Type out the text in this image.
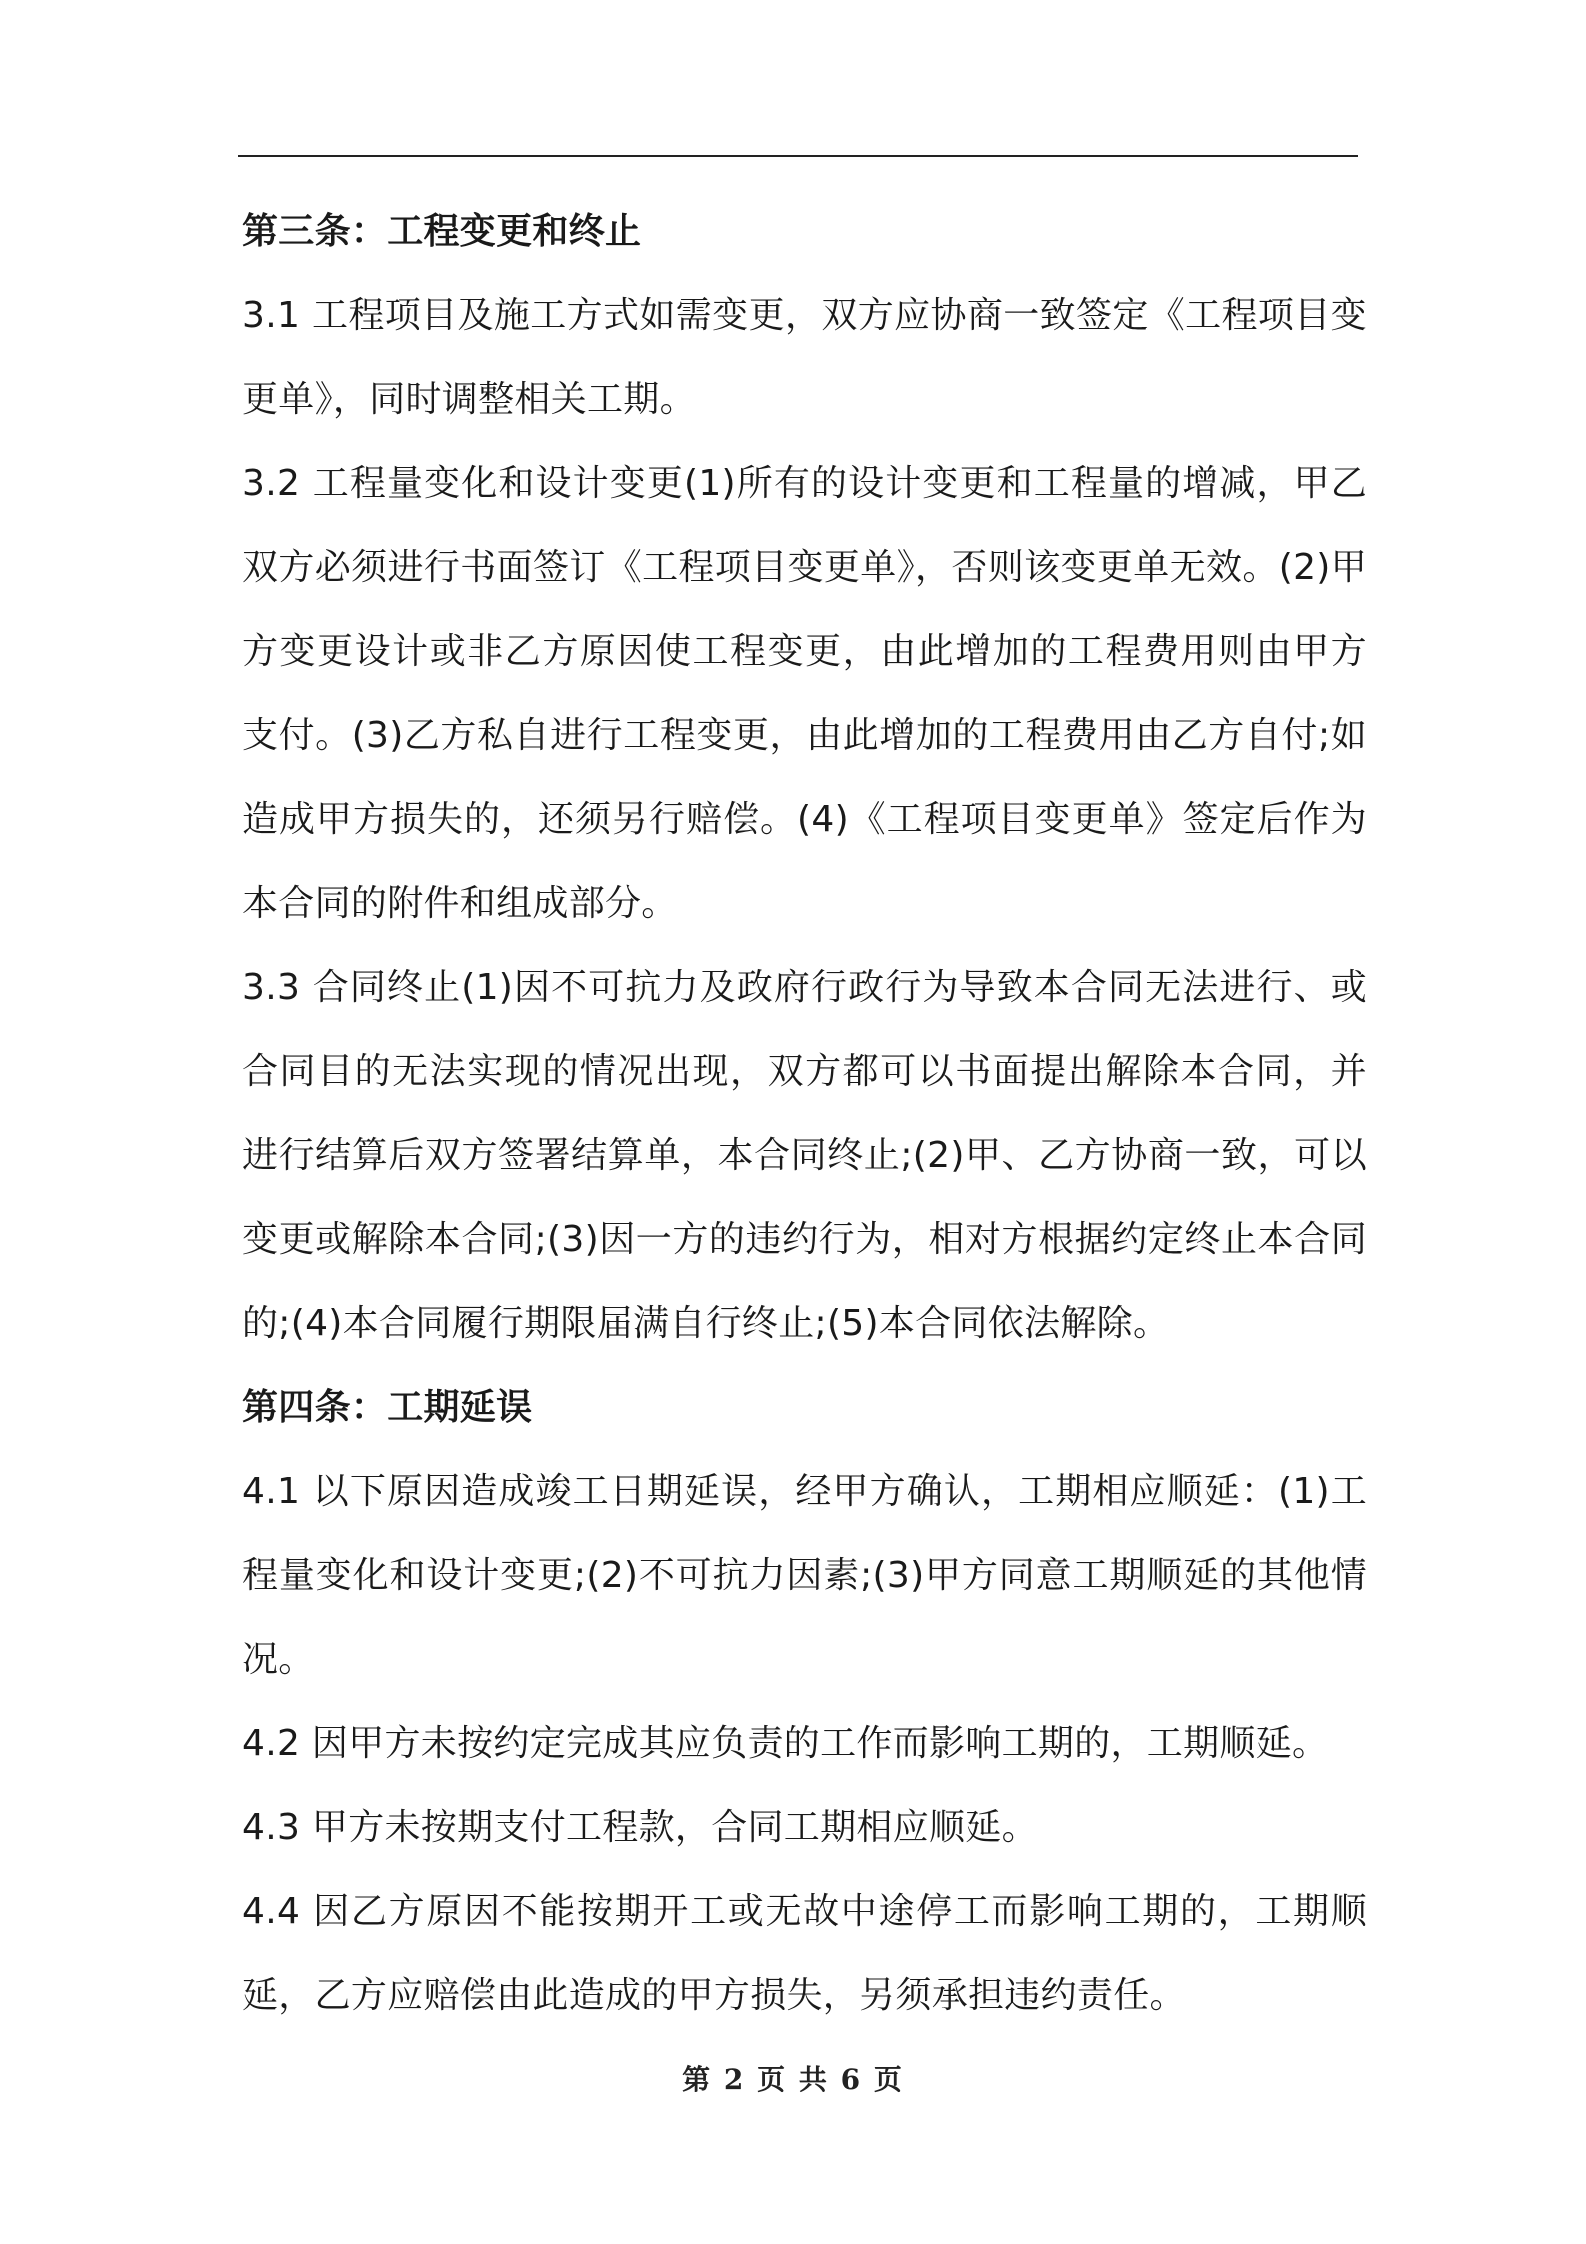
第三条：工程变更和终止

3.1 工程项目及施工方式如需变更，双方应协商一致签定《工程项目变更单》，同时调整相关工期。

3.2 工程量变化和设计变更(1)所有的设计变更和工程量的增减，甲乙双方必须进行书面签订《工程项目变更单》，否则该变更单无效。(2)甲方变更设计或非乙方原因使工程变更，由此增加的工程费用则由甲方支付。(3)乙方私自进行工程变更，由此增加的工程费用由乙方自付;如造成甲方损失的，还须另行赔偿。(4)《工程项目变更单》签定后作为本合同的附件和组成部分。

3.3 合同终止(1)因不可抗力及政府行政行为导致本合同无法进行、或合同目的无法实现的情况出现，双方都可以书面提出解除本合同，并进行结算后双方签署结算单，本合同终止;(2)甲、乙方协商一致，可以变更或解除本合同;(3)因一方的违约行为，相对方根据约定终止本合同的;(4)本合同履行期限届满自行终止;(5)本合同依法解除。

第四条：工期延误

4.1 以下原因造成竣工日期延误，经甲方确认，工期相应顺延：(1)工程量变化和设计变更;(2)不可抗力因素;(3)甲方同意工期顺延的其他情况。

4.2 因甲方未按约定完成其应负责的工作而影响工期的，工期顺延。

4.3 甲方未按期支付工程款，合同工期相应顺延。

4.4 因乙方原因不能按期开工或无故中途停工而影响工期的，工期顺延，乙方应赔偿由此造成的甲方损失，另须承担违约责任。

第 2 页 共 6 页
